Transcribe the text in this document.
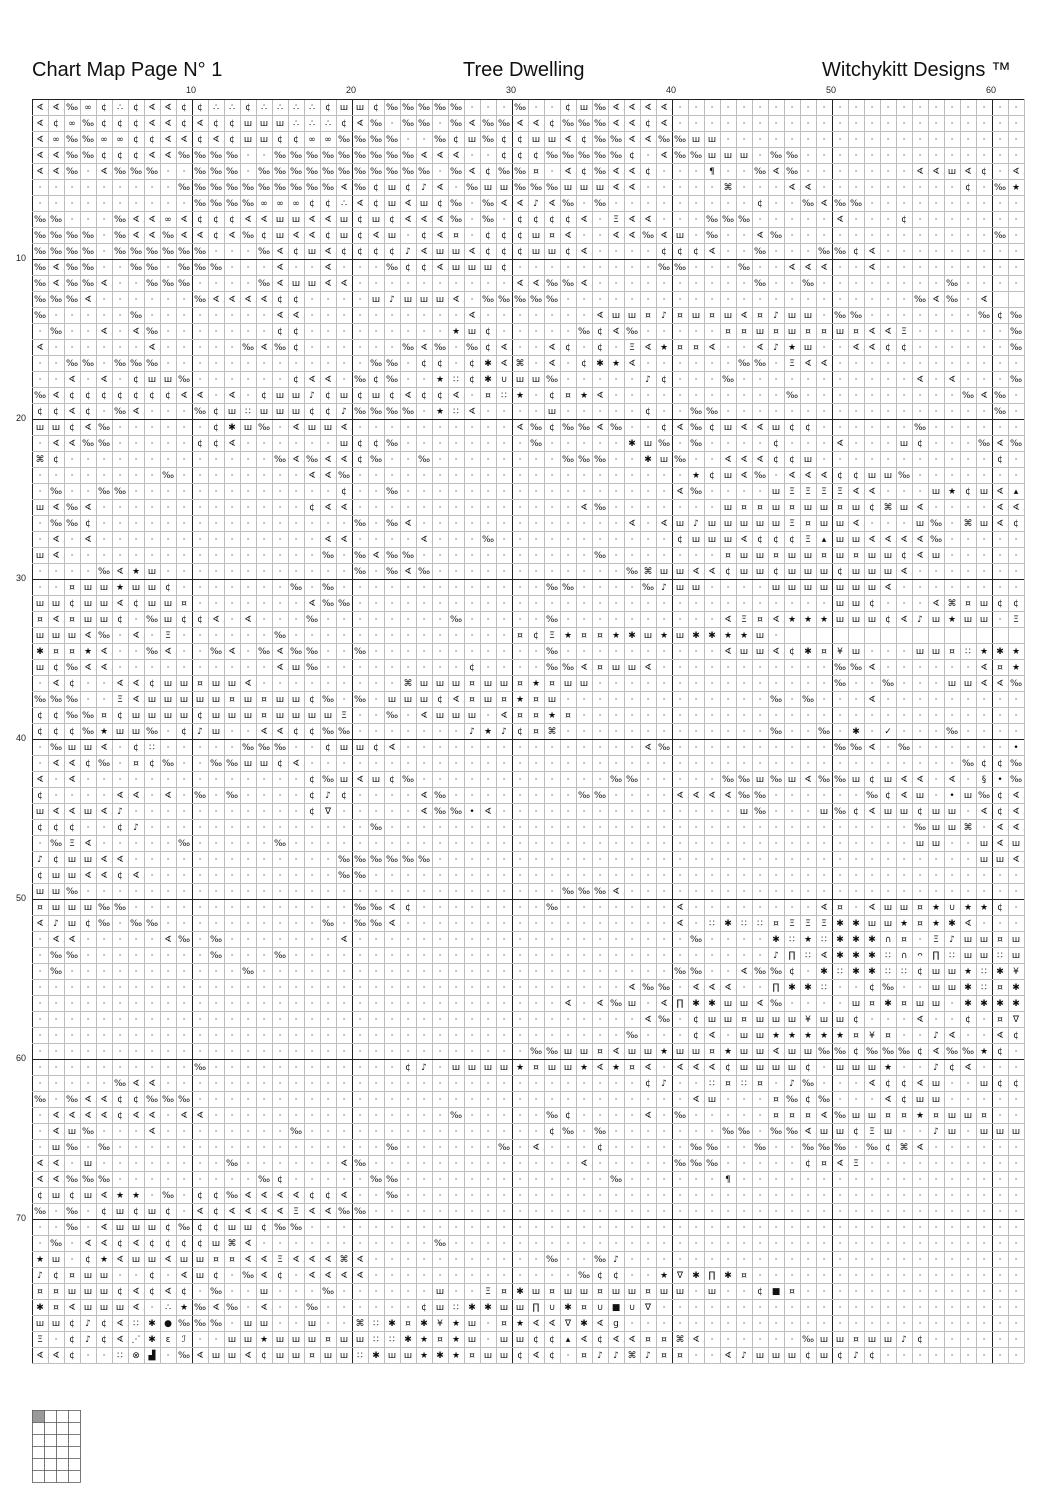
Chart Map Page N° 1	Tree Dwelling	Witchykitt Designs ™
10	20	30	40	50	60
10
20
30
40
50
60
70
∢ ∢ ‰ ∞ ¢ ∴ ¢ ∢ ∢ ¢ ¢ ∴ ∴ ¢ ∴ ∴ ∴ ∴ ¢ ш ш ¢ ‰ ‰ ‰ ‰ ‰ · · · ‰ · · ¢ ш ‰ ∢ ∢ ∢ ∢ · · · · · · · · · · · · · · · · · · · · · ·
∢ ¢ ∞ ‰ ¢ ¢ ¢ ∢ ∢ ¢ ∢ ¢ ¢ ш ш ш ∴ ∴ ∴ ¢ ∢ ‰ · ‰ ‰ · ‰ ∢ ‰ ‰ ∢ ∢ ¢ ‰ ‰ ‰ ∢ ∢ ¢ ∢ · · · · · · · · · · · · · · · · · · · · · ·
∢ ∞ ‰ ‰ ∞ ∞ ¢ ¢ ∢ ∢ ¢ ∢ ¢ ш ш ¢ ¢ ∞ ∞ ‰ ‰ ‰ ‰ · · ‰ ¢ ш ‰ ¢ ¢ ш ш ∢ ¢ ‰ ‰ ∢ ∢ ‰ ‰ ш ш · · · · · · · · · · · · · · · · · · ·
∢ ∢ ‰ ‰ ¢ ¢ ¢ ∢ ∢ ‰ ‰ ‰ ‰ · · ‰ ‰ ‰ ‰ ‰ ‰ ‰ ‰ ‰ ∢ ∢ ∢ · · ¢ ¢ ¢ ‰ ‰ ‰ ‰ ‰ ¢ · ∢ ‰ ‰ ш ш ш · ‰ ‰ · · · · · · · · · · · · · ·
∢ ∢ ‰ · ∢ ‰ ‰ ‰ · · ‰ ‰ ‰ · ‰ ‰ ‰ ‰ ‰ ‰ ‰ ‰ ‰ ‰ ‰ · ‰ ∢ ¢ ‰ ‰ ¤ · ∢ ¢ ‰ ∢ ∢ ¢ · · · ¶ · · ‰ ∢ ‰ · · · · · · · ∢ ∢ ш ∢ ¢ · ∢
· · · · · · · · · ‰ ‰ ‰ ‰ ‰ ‰ ‰ ‰ ‰ ‰ ∢ ‰ ¢ ш ¢ ♪ ∢ · ‰ ш ш ‰ ‰ ‰ ш ш ш ∢ ∢ · · · · · ⌘ · · · ∢ ∢ · · · · · · · · · ¢ · ‰ ★
· · · · · · · · · · ‰ ‰ ‰ ‰ ∞ ∞ ∞ ¢ ¢ ∴ ∢ ¢ ш ∢ ш ¢ ‰ · ‰ ∢ ∢ ♪ ∢ ‰ · ‰ · · · · · · · · · ¢ · · ‰ ∢ ‰ ‰ · · · · · · · · · ·
‰ ‰ · · · ‰ ∢ ∢ ∞ ∢ ¢ ¢ ¢ ∢ ∢ ш ш ∢ ∢ ш ¢ ш ¢ ∢ ∢ ∢ ‰ · ‰ · ¢ ¢ ¢ ¢ ∢ · Ξ ∢ ∢ · · · ‰ ‰ ‰ · · · · · ∢ · · · ¢ · · · · · · ·
‰ ‰ ‰ ‰ · ‰ ∢ ∢ ‰ ∢ ∢ ¢ ∢ ‰ ¢ ш ∢ ∢ ¢ ш ¢ ∢ ш · ¢ ∢ ¤ · ¢ ¢ ¢ ш ¤ ∢ · · ∢ ∢ ‰ ∢ ш · ‰ · · ∢ ‰ · · · · · · · · · · · · · ‰ ·
‰ ‰ ‰ ‰ · ‰ ‰ ‰ ‰ ‰ ‰ · · · ‰ ∢ ¢ ш ∢ ¢ ¢ ¢ ¢ ♪ ∢ ш ш ∢ ¢ ¢ ¢ ш ш ¢ ∢ · · · · ¢ ¢ ¢ ∢ · · ‰ · · · ‰ ‰ ¢ ∢ · · · · · · · · ·
‰ ∢ ‰ ‰ · · ‰ ‰ · ‰ ‰ ‰ · · · ∢ · · ∢ · · · ‰ ¢ ¢ ∢ ш ш ш ¢ · · · · · · · · · ‰ ‰ · · · ‰ · · ∢ ∢ ∢ · · ∢ · · · · · · · · ·
‰ ∢ ‰ ‰ ∢ · · ‰ ‰ ‰ · · · · ‰ ∢ ш ш ∢ ∢ · · · · · · · · · · ∢ ∢ ‰ ‰ ∢ · · · · · · · · · · ‰ · · ‰ · · · · · · · · ‰ · · · ·
‰ ‰ ‰ ∢ · · · · · · ‰ ∢ ∢ ∢ ∢ ¢ ¢ · · · · ш ♪ ш ш ш ∢ · ‰ ‰ ‰ ‰ ‰ · · · · · · · · · · · · · · · · · · · · · · ‰ ∢ ‰ · ∢
‰ · · · · · ‰ · · · · · · · · ∢ ∢ · · · · · · · · · · ∢ · · · · · · · ∢ ш ш ¤ ♪ ¤ ш ¤ ш ∢ ¤ ♪ ш ш · ‰ ‰ · · · · · · · ‰ ¢ ‰
· ‰ · · ∢ · ∢ ‰ · · · · · · · ¢ ¢ · · · · · · · · · ★ ш ¢ · · · · · ‰ ¢ ∢ ‰ · · · · · ¤ ¤ ш ¤ ш ¤ ¤ ш ¤ ∢ ∢ Ξ · · · · · · ‰
∢ · · · · · · ∢ · · · · · ‰ ∢ ‰ ¢ · · · · · · ‰ ∢ ‰ · ‰ ¢ ∢ · · ∢ ¢ · ¢ · Ξ ∢ ★ ¤ ¤ ∢ · · ∢ ♪ ★ ш · · ∢ ∢ ¢ ¢ · · · · · · ‰
· · ‰ ‰ · ‰ ‰ ‰ · · · · · · · · · · · · · ‰ ‰ · ¢ ¢ · ¢ ✱ ∢ ⌘ · ∢ · ¢ ✱ ★ ∢ · · · · · · ‰ ‰ · Ξ ∢ ∢ · · · · · · · · · · · ·
· · ∢ · ∢ · ¢ ш ш ‰ · · · · · · ¢ ∢ ∢ · ‰ ¢ ‰ · · ★ ∷ ¢ ✱ ∪ ш ш ‰ · · · · · ♪ ¢ · · · ‰ · · · · · · · · · · · ∢ · ∢ · · · ‰
‰ ∢ ¢ ¢ ¢ ¢ ¢ ¢ ¢ ∢ ∢ · ∢ · ¢ ш ш ♪ ¢ ш ¢ ш ¢ ∢ ¢ ¢ ∢ · ¤ ∷ ★ · ¢ ¤ ★ ∢ · · · · · · · · · · · ‰ · · · · · · · · · · ‰ ∢ ‰ ·
¢ ¢ ∢ ¢ · ‰ ∢ · · · ‰ ¢ ш ∷ ш ш ш ¢ ¢ ♪ ‰ ‰ ‰ ‰ · ★ ∷ ∢ · · · · ш · · · · · ¢ · · ‰ ‰ · · · · · · · · · · · · · · · · · ‰ ·
ш ш ¢ ∢ ‰ · · · · · · ¢ ✱ ш ‰ · ∢ ш ш ∢ · · · · · · · · · · ∢ ‰ ¢ ‰ ‰ ∢ ‰ · · ¢ ∢ ‰ ¢ ш ∢ ∢ ш ¢ ¢ · · · · · · ‰ · · · · · ·
· ∢ ∢ ‰ ‰ · · · · · ¢ ¢ ∢ · · · · · · ш ¢ ¢ ‰ · · · · · · · · ‰ · · · · · ✱ ш ‰ · ‰ · · · · ¢ · · · ∢ · · · ш ¢ · · · ‰ ∢ ‰
⌘ ¢ · · · · · · · · · · · · · ‰ ∢ ‰ ∢ ∢ ¢ ‰ · · ‰ · · · · · · · · ‰ ‰ ‰ · · ✱ ш ‰ · · ∢ ∢ ∢ ¢ ¢ ш · · · · · · · · · · · ¢ ·
· · · · · · · · ‰ · · · · · · · · ∢ ∢ ‰ · · · · · · · · · · · · · · · · · · · · · ★ ¢ ш ∢ ‰ · ∢ ∢ ∢ ¢ ¢ ш ш ‰ · · · · · · ·
· ‰ · · ‰ ‰ · · · · · · · · · · · · · ¢ · · ‰ · · · · · · · · · · · · · · · · · ∢ ‰ · · · · ш Ξ Ξ Ξ Ξ ∢ ∢ · · · ш ★ ¢ ш ∢ ▴
ш ∢ ‰ ∢ · · · · · · · · · · · · · ¢ ∢ ∢ · · · · · · · · · · · · · · ∢ ‰ · · · · · · · ш ¤ ¤ ш ¤ ш ш ¤ ш ¢ ⌘ ш ∢ · · · · ∢ ∢
· ‰ ‰ ¢ · · · · · · · · · · · · · · · · ‰ · ‰ ∢ · · · · · · · · · · · · · ∢ · ∢ ш ♪ ш ш ш ш ш Ξ ¤ ш ш ∢ · · · ш ‰ · ⌘ ш ∢ ¢
· ∢ · ∢ · · · · · · · · · · · · · · ∢ ∢ · · · · ∢ · · · ‰ · · · · · · · · · · · ¢ ш ш ш ∢ ¢ ¢ ¢ Ξ ▴ ш ш ∢ ∢ ∢ ∢ ‰ · · · · ·
ш ∢ · · · · · · · · · · · · · · · · ‰ · ‰ ∢ ‰ ‰ · · · · · · · · · · · ‰ · · · · · · · ¤ ш ш ¤ ш ш ¤ ш ¤ ш ш ¢ ∢ ш · · · · ·
· · · · ‰ ∢ ★ ш · · · · · · · · · · · · ‰ · ‰ ∢ ‰ · · · · · · · · · · · · ‰ ⌘ ш ш ∢ ∢ ¢ ш ш ¢ ш ш ш ¢ ш ш ш ∢ · · · · · · ·
· · ¤ ш ш ★ ш ш ¢ · · · · · · · ‰ · ‰ · · · · · · · · · · · · · ‰ ‰ · · · · ‰ ♪ ш ш · · · · ш ш ш ш ш ш ш ∢ · · · · · · · ·
ш ш ¢ ш ш ∢ ¢ ш ш ¤ · · · · · · · ∢ ‰ ‰ · · · · · · · · · · · · · · · · · · · · · · · · · · · · · · ш ш ¢ · · · ∢ ⌘ ¤ ш ¢ ¢
¤ ∢ ¤ ш ш ¢ · ‰ ш ¢ ¢ ∢ · ∢ · · · ‰ · · · · · · · · ‰ · · · · · ‰ · · · · · · · · · · ∢ Ξ ¤ ∢ ★ ★ ★ ш ш ш ¢ ∢ ♪ ш ★ ш ш · Ξ
ш ш ш ∢ ‰ · ∢ · Ξ · · · · · · ‰ · · · · · · · · · · · · · · ¤ ¢ Ξ ★ ¤ ¤ ★ ✱ ш ★ ш ✱ ✱ ★ ★ ш ·
✱ ¤ ¤ ★ ∢ · · ‰ ∢ · · ‰ ∢ · ‰ ∢ ‰ ‰ · · ‰ · · · · · · · · · · · ‰ · · · · · · · · · · ∢ ш ш ∢ ¢ ✱ ¤ ¥ ш · · · ш ш ¤ ∷ ★ ✱ ★
ш ¢ ‰ ∢ ∢ · · · · · · · · · · ∢ ш ‰ · · · · · · · · · ¢ · · · · ‰ ‰ ∢ ¤ ш ш ∢ · · · · · · · · · · · ‰ ‰ ∢ · · · · · · ∢ ¤ ★
· ∢ ¢ · · ∢ ∢ ¢ ш ш ¤ ш ш ∢ · · · · · · · · · ⌘ ш ш ш ¤ ш ш ¤ ★ ¤ ш ш · · · · · · · · · · · · · · · ‰ · · ‰ · · · ш ш ∢ ∢ ‰
‰ ‰ ‰ · · Ξ ∢ ш ш ш ш ш ¤ ш ¤ ш ш ¢ ‰ · ‰ · ш ш ш ¢ ∢ ¤ ш ¤ ★ ¤ ш · · · · · · · · · · · · · ‰ · ‰ · · · ∢ · · · · · · · · ·
¢ ¢ ‰ ‰ ¤ ¢ ш ш ш ш ¢ ш ш ш ¤ ш ш ш ш Ξ · · ‰ · ∢ ш ш ш · ∢ ¤ ¤ ★ ¤ · · · · · · · · · · · · · · · · · · · · · · · · · · · ·
¢ ¢ ¢ ‰ ★ ш ш ‰ · ¢ ♪ ш · · ∢ ∢ ¢ ¢ ‰ ‰ · · · · · · · ♪ ★ ♪ ¢ ¤ ⌘ · · · · · · · · · · · · · ‰ · · ‰ · ✱ · ✓ · · · ‰ · · · ·
· ‰ ш ш ∢ · ¢ ∷ · · · · · ‰ ‰ ‰ · · ¢ ш ш ¢ ∢ · · · · · · · · · · · · · · · ∢ ‰ · · · · · · · · · · ‰ ‰ ∢ · ‰ · · · · · · •
· ∢ ∢ ¢ ‰ · ¤ ¢ ‰ · · ‰ ‰ ш ш ¢ ∢ · · · · · · · · · · · · · · · · · · · · · · · · · · · · · · · · · · · · · · · · · ‰ ¢ ¢ ‰
∢ · ∢ · · · · · · · · · · · · · · ¢ ‰ ш ∢ ш ¢ ‰ · · · · · · · · · · · · ‰ ‰ · · · · · ‰ ‰ ш ‰ ш ∢ ‰ ‰ ш ¢ ш ∢ ∢ · ∢ · § • ‰
¢ · · · · ∢ ∢ · ∢ · ‰ · ‰ · · · · ¢ ♪ ¢ · · · · ∢ ‰ · · · · · · · · ‰ ‰ · · · · ∢ ∢ ∢ ∢ ‰ ‰ · · · · · · ‰ ¢ ∢ ш · • ш ‰ ¢ ∢
ш ∢ ∢ ш ∢ ♪ · · · · · · · · · · · ¢ ∇ · · · · · ∢ ‰ ‰ • ∢ · · · · · · · · · · · · · · · ш ‰ · · · ш ‰ ¢ ∢ ш ш ¢ ш ш · ∢ ¢ ∢
¢ ¢ ¢ · · ¢ ♪ · · · · · · · · · · · · · · ‰ · · · · · · · · · · · · · · · · · · · · · · · · · · · · · · · · · ‰ ш ш ⌘ · ∢ ∢
· ‰ Ξ ∢ · · · · · ‰ · · · · · ‰ · · · · · · · · · · · · · · · · · · · · · · · · · · · · · · · · · · · · · · · ш ш · · ш ∢ ш
♪ ¢ ш ш ∢ ∢ · · · · · · · · · · · · · ‰ ‰ ‰ ‰ ‰ ‰ · · · · · · · · · · · · · · · · · · · · · · · · · · · · · · · · · · ш ш ∢
¢ ш ш ∢ ∢ ¢ ∢ · · · · · · · · · · · · ‰ ‰ · · · · · · · · · · · · · · · · · · · · · · · · · · · · · · · · · · · · · · · · ·
ш ш ‰ · · · · · · · · · · · · · · · · · · · · · · · · · · · · · · ‰ ‰ ‰ ∢ · · · · · · · · · · · · · · · · · · · · · · · · ·
¤ ш ш ш ‰ ‰ · · · · · · · · · · · · · · ‰ ‰ ∢ ¢ · · · · · · · · ‰ · · · · · · · ∢ · · · · · · · · ∢ ¤ · ∢ ш ш ¤ ★ ∪ ★ ★ ¢ ·
∢ ♪ ш ¢ ‰ · ‰ ‰ · · · · · · · · · · ‰ · ‰ ‰ ∢ · · · · · · · · · · · · · · · · · ∢ · ∷ ✱ ∷ ∷ ¤ Ξ Ξ Ξ ✱ ✱ ш ш ★ ¤ ★ ✱ ∢ · · ·
· ∢ ∢ · · · · · ∢ ‰ · ‰ · · · · · · · ∢ · · · · · · · · · · · · · · · · · · · · · ‰ · · · · ✱ ∷ ★ ∷ ✱ ✱ ✱ ∩ ¤ · Ξ ♪ ш ш ¤ ш
· ‰ ‰ · · · · · · · · ‰ · · · ‰ · · · · · · · · · · · · · · · · · · · · · · · · · · · · · · ♪ ∏ ∷ ∢ ✱ ✱ ✱ ∷ ∩ ᴖ ∏ ∷ ш ш ∷ ш
· ‰ · · · · · · · · · · · ‰ · · · · · · · · · · · · · · · · · · · · · · · · · · ‰ ‰ · · ∢ ‰ ‰ ¢ · ✱ ∷ ✱ ✱ ∷ ∷ ¢ ш ш ★ ∷ ✱ ¥
· · · · · · · · · · · · · · · · · · · · · · · · · · · · · · · · · · · · · ∢ ‰ ‰ · ∢ ∢ ∢ · · ∏ ✱ ✱ ∷ · · ¢ ‰ · · ш ш ✱ ∷ ¤ ✱
· · · · · · · · · · · · · · · · · · · · · · · · · · · · · · · · · ∢ · ∢ ‰ ш · ∢ ∏ ✱ ✱ ш ш ∢ ‰ · · · · ш ¤ ✱ ¤ ш ш · ✱ ✱ ✱ ✱
· · · · · · · · · · · · · · · · · · · · · · · · · · · · · · · · · · · · · · ∢ ‰ · ¢ ш ш ¤ ш ш ш ¥ ш ш ¢ · · · ∢ · · ¢ · ¤ ∇
· · · · · · · · · · · · · · · · · · · · · · · · · · · · · · · · · · · · · ‰ · · · ¢ ∢ · ш ш ★ ★ ★ ★ ★ ¤ ¥ ¤ · · ♪ ∢ · · ∢ ¢
· · · · · · · · · · · · · · · · · · · · · · · · · · · · · · · ‰ ‰ ш ш ¤ ∢ ш ш ★ ш ш ¤ ★ ш ш ∢ ш ш ‰ ‰ ¢ ‰ ‰ ‰ ¢ ∢ ‰ ‰ ★ ¢ ·
· · · · · · · · · · ‰ · · · · · · · · · · · · ¢ ♪ · ш ш ш ш ★ ¤ ш ш ★ ∢ ★ ¤ ∢ · ∢ ∢ ∢ ¢ ш ш ш ш ¢ · ш ш ш ★ · · ♪ ¢ ∢ · · ·
· · · · · ‰ ∢ ∢ · · · · · · · · · · · · · · · · · · · · · · · · · · · · · · ¢ ♪ · · ∷ ¤ ∷ ¤ · ♪ ‰ · · · ∢ ¢ ¢ ∢ ш · · ш ¢ ¢
‰ · ‰ ∢ ∢ ¢ ¢ ‰ ‰ ‰ · · · · · · · · · · · · · · · · · · · · · · · · · · · · · · · ∢ ш · · · ¤ ‰ ¢ ‰ · · · ∢ ¢ ш ш · · · · ·
· ∢ ∢ ∢ ∢ ¢ ∢ ∢ · ∢ ∢ · · · · · · · · · · · · · · · ‰ · · · · · ‰ ¢ · · · · ∢ · ‰ · · · · · ¤ ¤ ¤ ∢ ‰ ш ш ¤ ¤ ★ ¤ ш ш ¤ · ·
· ∢ ш ‰ · · · ∢ · · · · · · · · ‰ · · · · · · · · · · · · · · · ¢ ‰ · ‰ · · · · · · · ‰ ‰ · ‰ ‰ ∢ ш ш ¢ Ξ ш · · ♪ ш · ш ш ш
· ш ‰ · ‰ · · · · · · · · · · · · · · · · · ‰ · · · · · · ‰ · ∢ · · · ¢ · · · · · ‰ ‰ · · ‰ · · ‰ ‰ ‰ · ‰ ¢ ⌘ ∢ · · · · · ·
∢ ∢ · ш · · · · · · · · ‰ · · · · · · ∢ ‰ · · · · · · · · · · · · · ∢ · · · · · ‰ ‰ ‰ · · · · · ¢ ¤ ∢ Ξ · · · · · · · · · ·
∢ ∢ ‰ ‰ ‰ · · · · · · · · · ‰ ¢ · · · · · ‰ ‰ · · · · · · · · · · · · · ‰ · · · · · · ¶ · · · · · · · · · · · · · · · · · ·
¢ ш ¢ ш ∢ ★ ★ · ‰ · ¢ ¢ ‰ ∢ ∢ ∢ ∢ ¢ ¢ ∢ · · ‰ · · · · · · · · · · · · · · · · · · · · · · · · · · · · · · · · · · · · · · ·
‰ · ‰ · ¢ ш ¢ ш ¢ · ∢ ¢ ∢ ∢ ∢ ∢ Ξ ∢ ∢ ‰ ‰ · · · · · · · · · · · · · · · · · · · · · · · · · · · · · · · · · · · · · · · · ·
· · ‰ · ∢ ш ш ш ¢ ‰ ¢ ¢ ш ш ¢ ‰ ‰ · · · · · · · · · · · · · · · · · · · · · · · · · · · · · · · · · · · · · · · · · · · · ·
· ‰ · ∢ ∢ ¢ ∢ ¢ ¢ ¢ ¢ ш ⌘ ∢ · · · · · · · · · · · ‰ · · · · · · · · · · · · · · · · · · · · · · · · · · · · · · · · · · · ·
★ ш · ¢ ★ ∢ ш ш ∢ ш ш ¤ ¤ ∢ ∢ Ξ ∢ ∢ ∢ ⌘ ∢ · · · · · · · · · · · ‰ · · ‰ ♪ · · · · · · · · · · · · · · · · · · · · · · · · ·
♪ ¢ ¤ ш ш · · ¢ · ∢ ш ¢ · ‰ ∢ ¢ · ∢ ∢ ∢ ∢ · · · · · · · · · · · · · ‰ ¢ ¢ · · ★ ∇ ✱ ∏ ✱ ¤ · · · · · · · · · · · · · · · · ·
¤ ¤ ш ш ш ¢ ∢ ¢ ∢ ¢ · ‰ · · ш · · · ‰ · · · · · · ш · · Ξ ¤ ✱ ш ¤ ш ш ¤ ш ш ¤ ш ш · ш · · ¢ ■ ¤ · · · · · · · · · · · · · ·
✱ ¤ ∢ ш ш ш ∢ · ∴ ★ ‰ ∢ ‰ · ∢ · · ‰ · · · · · · ¢ ш ∷ ✱ ✱ ш ш ∏ ∪ ✱ ¤ ∪ ■ ∪ ∇ · · · · · · · · · · · · · · · · · · · · · · ·
ш ш ¢ ♪ ¢ ∢ ∷ ✱ ● ‰ ‰ ‰ · ш ш · · ш · · ⌘ ∷ ✱ ¤ ✱ ¥ ★ ш · ¤ ★ ∢ ∢ ∇ ✱ ∢ g · · · · · · · · · · · · · · · · · · · · · · · · ·
Ξ · ¢ ♪ ¢ ∢ ⋰ ✱ ε ℐ · · ш ш ★ ш ш ш ¤ ш ш ∷ ∷ ✱ ★ ¤ ★ ш · ш ш ¢ ¢ ▴ ∢ ¢ ∢ ∢ ¤ ¤ ⌘ ∢ · · · · · · ‰ ш ш ¤ ш ш ♪ ¢ · · · · · ·
∢ ∢ ¢ · · ∷ ⊗ ▟ · ‰ ∢ ш ш ∢ ¢ ш ш ¤ ш ш ∷ ✱ ш ш ★ ✱ ★ ¤ ш ш ¢ ∢ ¢ · ¤ ♪ ♪ ⌘ ♪ ¤ ¤ · · ∢ ♪ ш ш ш ¢ ш ¢ ♪ ¢ · · · · · · · · ·
